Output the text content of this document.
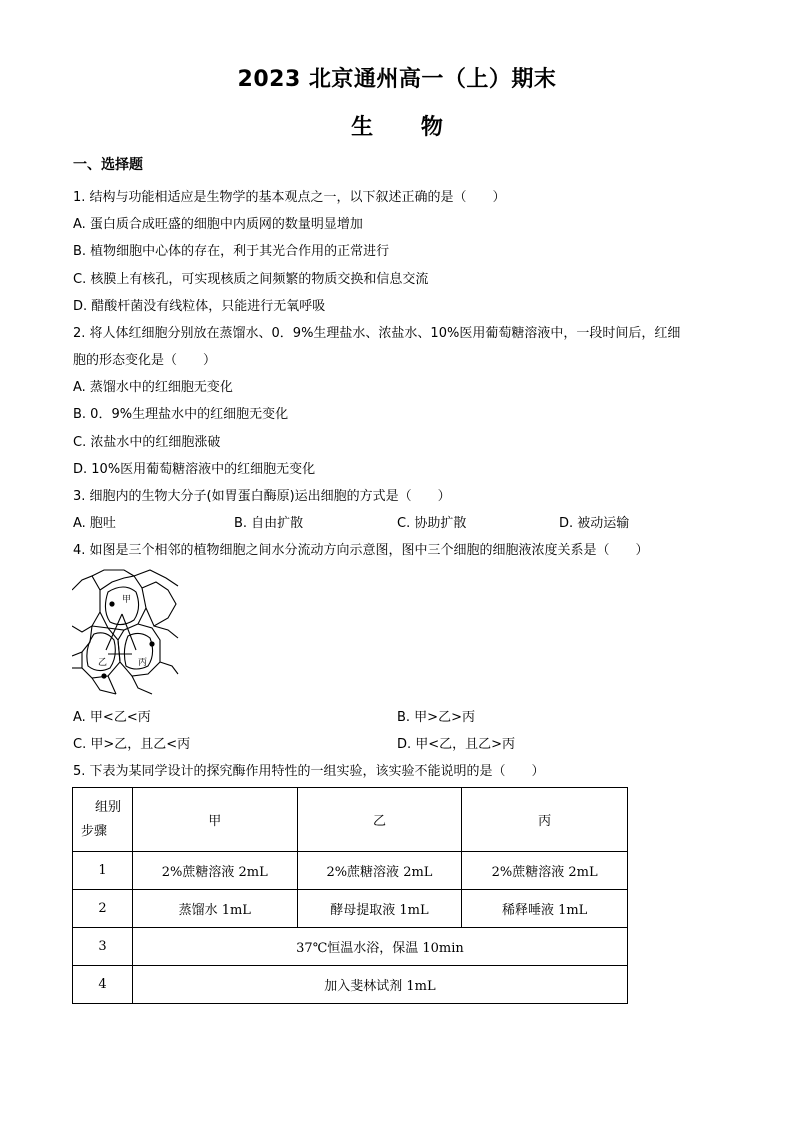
2023 北京通州高一（上）期末
生 物
一、选择题
1. 结构与功能相适应是生物学的基本观点之一，以下叙述正确的是（　　）
A. 蛋白质合成旺盛的细胞中内质网的数量明显增加
B. 植物细胞中心体的存在，利于其光合作用的正常进行
C. 核膜上有核孔，可实现核质之间频繁的物质交换和信息交流
D. 醋酸杆菌没有线粒体，只能进行无氧呼吸
2. 将人体红细胞分别放在蒸馏水、0．9%生理盐水、浓盐水、10%医用葡萄糖溶液中，一段时间后，红细
胞的形态变化是（　　）
A. 蒸馏水中的红细胞无变化
B. 0．9%生理盐水中的红细胞无变化
C. 浓盐水中的红细胞涨破
D. 10%医用葡萄糖溶液中的红细胞无变化
3. 细胞内的生物大分子(如胃蛋白酶原)运出细胞的方式是（　　）
A. 胞吐	B. 自由扩散	C. 协助扩散	D. 被动运输
4. 如图是三个相邻的植物细胞之间水分流动方向示意图，图中三个细胞的细胞液浓度关系是（　　）
甲
乙	丙
A. 甲<乙<丙	B. 甲>乙>丙
C. 甲>乙，且乙<丙	D. 甲<乙，且乙>丙
5. 下表为某同学设计的探究酶作用特性的一组实验，该实验不能说明的是（　　）
组别
步骤	甲	乙	丙
1	2%蔗糖溶液 2mL	2%蔗糖溶液 2mL	2%蔗糖溶液 2mL
2	蒸馏水 1mL	酵母提取液 1mL	稀释唾液 1mL
3	37℃恒温水浴，保温 10min		
4	加入斐林试剂 1mL		
